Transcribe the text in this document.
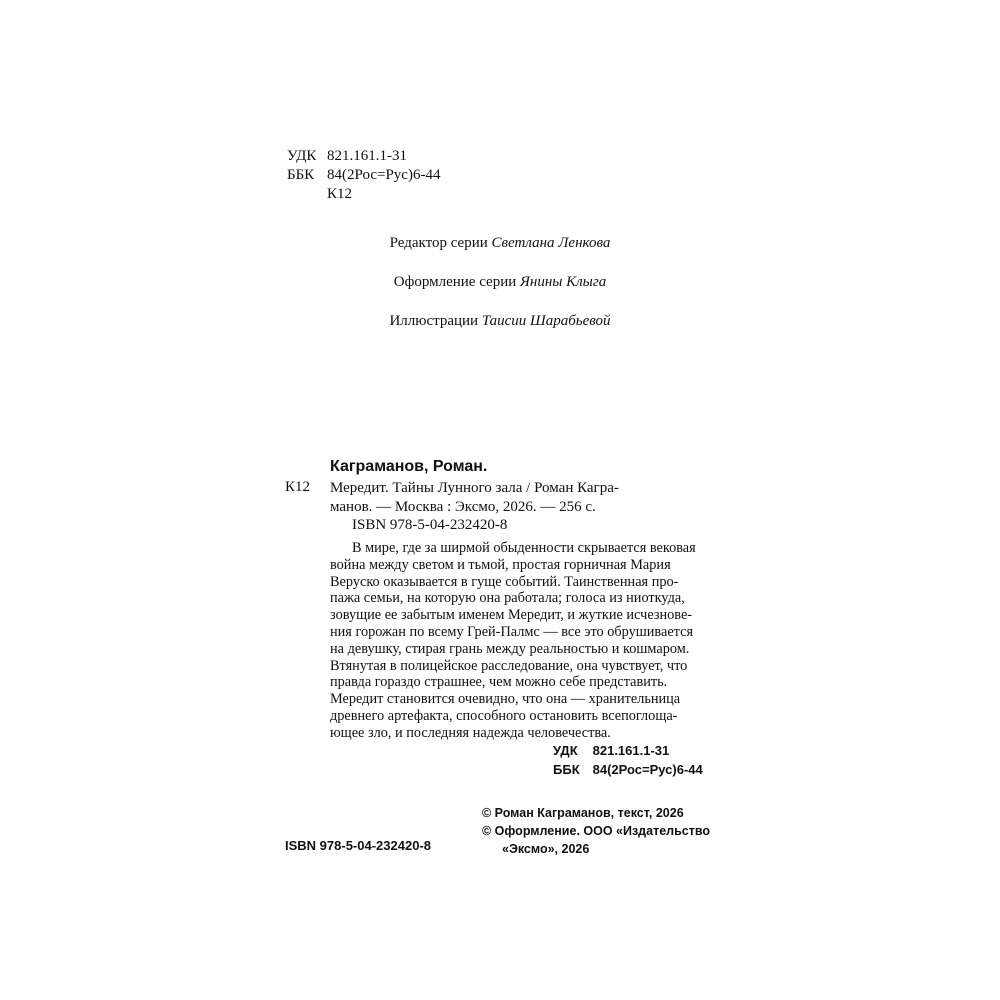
УДК 821.161.1-31
ББК 84(2Рос=Рус)6-44
К12
Редактор серии Светлана Ленкова
Оформление серии Янины Клыга
Иллюстрации Таисии Шарабьевой
Каграманов, Роман.
К12 Мередит. Тайны Лунного зала / Роман Кагра-
манов. — Москва : Эксмо, 2026. — 256 с.
ISBN 978-5-04-232420-8
В мире, где за ширмой обыденности скрывается вековая
война между светом и тьмой, простая горничная Мария
Веруско оказывается в гуще событий. Таинственная про-
пажа семьи, на которую она работала; голоса из ниоткуда,
зовущие ее забытым именем Мередит, и жуткие исчезнове-
ния горожан по всему Грей-Палмс — все это обрушивается
на девушку, стирая грань между реальностью и кошмаром.
Втянутая в полицейское расследование, она чувствует, что
правда гораздо страшнее, чем можно себе представить.
Мередит становится очевидно, что она — хранительница
древнего артефакта, способного остановить всепоглоща-
ющее зло, и последняя надежда человечества.
УДК 821.161.1-31
ББК 84(2Рос=Рус)6-44
ISBN 978-5-04-232420-8
© Роман Каграманов, текст, 2026
© Оформление. ООО «Издательство
«Эксмо», 2026
